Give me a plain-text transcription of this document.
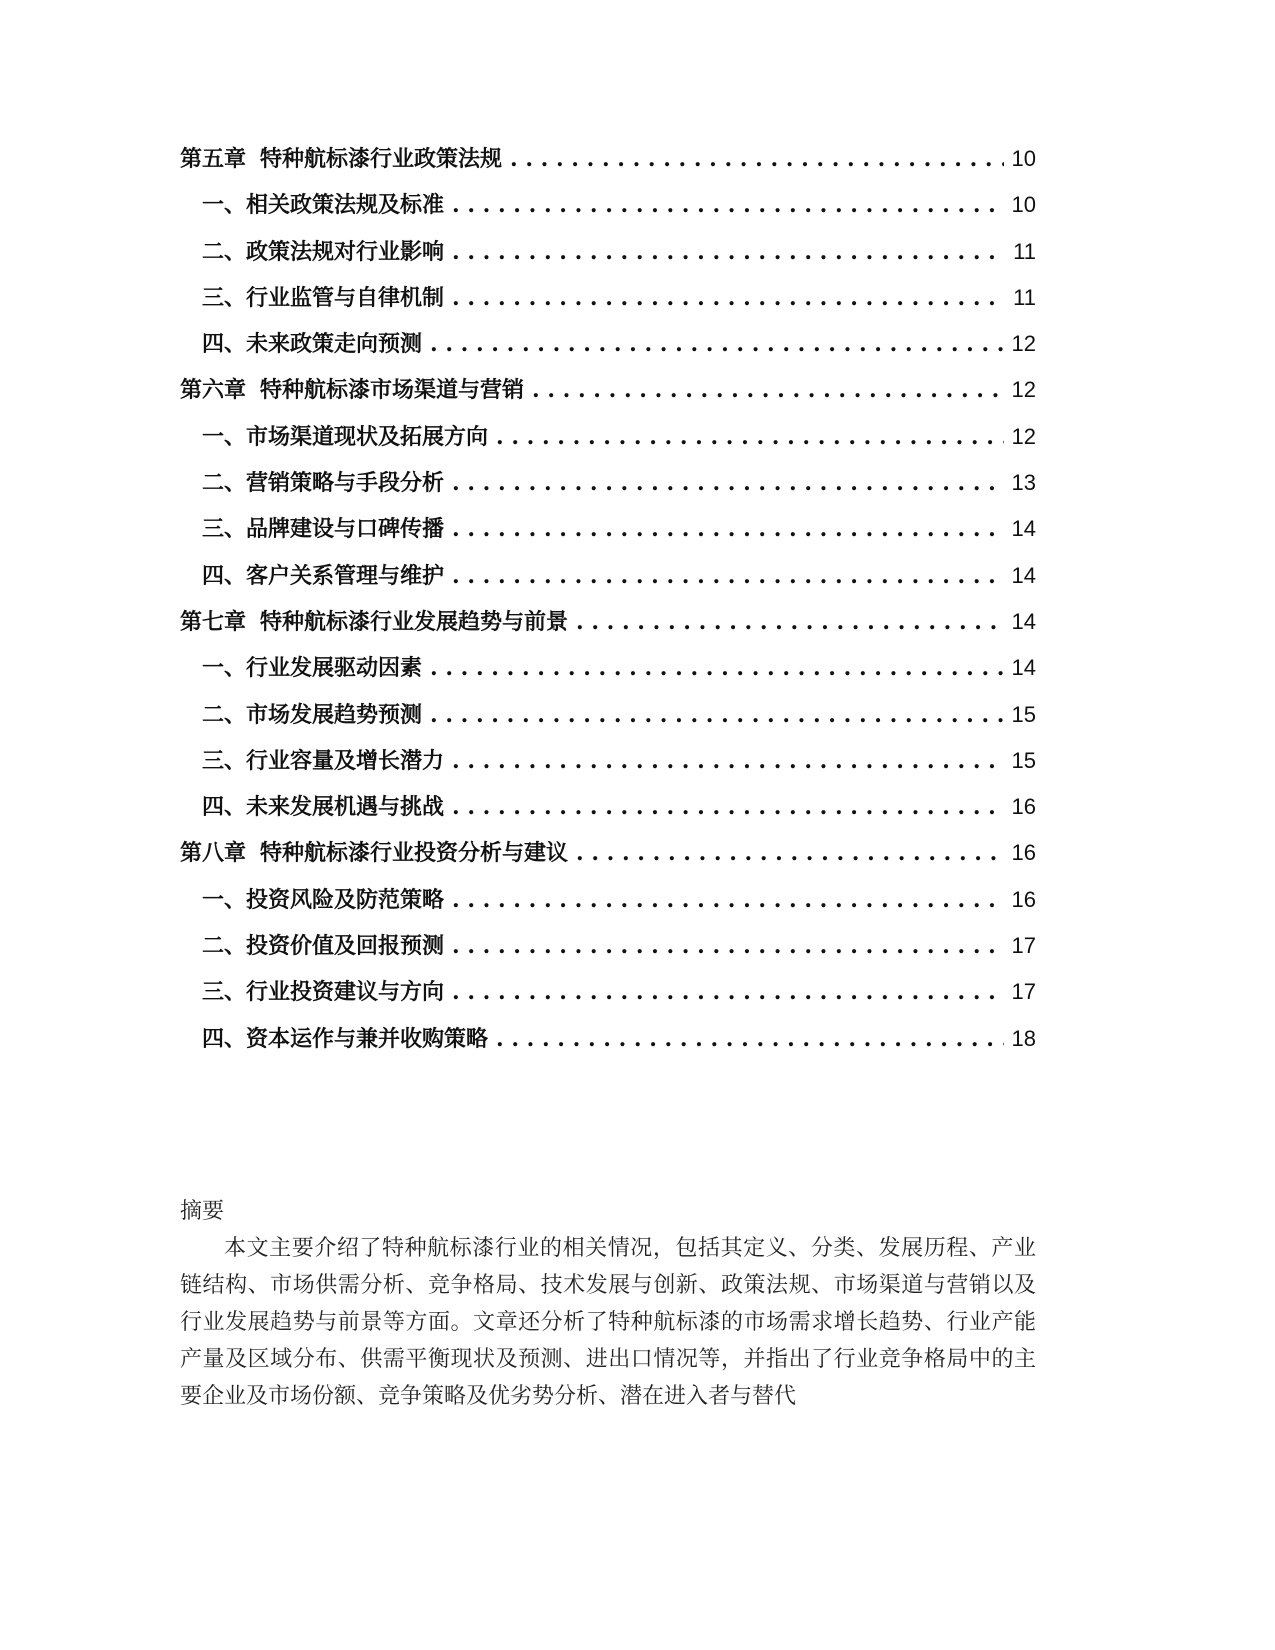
第五章 特种航标漆行业政策法规 . . .	10
一、 相关政策法规及标准 . . .	10
二、 政策法规对行业影响 . . .	11
三、 行业监管与自律机制 . . .	11
四、 未来政策走向预测 . . .	12
第六章 特种航标漆市场渠道与营销 . . .	12
一、 市场渠道现状及拓展方向 . . .	12
二、 营销策略与手段分析 . . .	13
三、 品牌建设与口碑传播 . . .	14
四、 客户关系管理与维护 . . .	14
第七章 特种航标漆行业发展趋势与前景 . . .	14
一、 行业发展驱动因素 . . .	14
二、 市场发展趋势预测 . . .	15
三、 行业容量及增长潜力 . . .	15
四、 未来发展机遇与挑战 . . .	16
第八章 特种航标漆行业投资分析与建议 . . .	16
一、 投资风险及防范策略 . . .	16
二、 投资价值及回报预测 . . .	17
三、 行业投资建议与方向 . . .	17
四、 资本运作与兼并收购策略 . . .	18

摘要

本文主要介绍了特种航标漆行业的相关情况，包括其定义、分类、发展历程、产业链结构、市场供需分析、竞争格局、技术发展与创新、政策法规、市场渠道与营销以及行业发展趋势与前景等方面。文章还分析了特种航标漆的市场需求增长趋势、行业产能产量及区域分布、供需平衡现状及预测、进出口情况等，并指出了行业竞争格局中的主要企业及市场份额、竞争策略及优劣势分析、潜在进入者与替代
